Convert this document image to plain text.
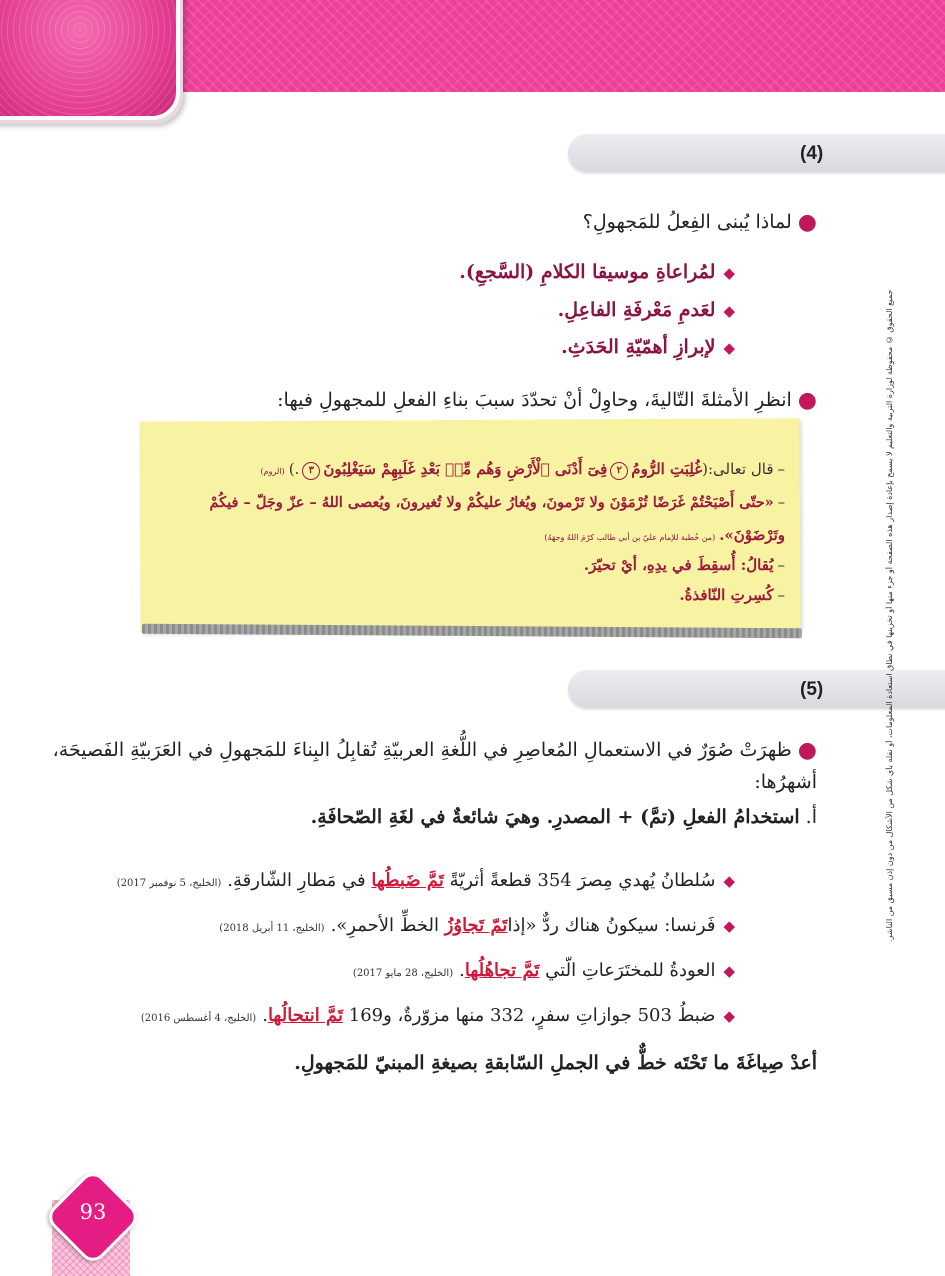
(4)
●لماذا يُبنى الفِعلُ للمَجهولِ؟
◆لمُراعاةِ موسيقا الكلامِ (السَّجعِ).
◆لعَدمِ مَعْرفَةِ الفاعِلِ.
◆لإبرازِ أهمّيّةِ الحَدَثِ.
●انظرِ الأمثلةَ التّاليةَ، وحاوِلْ أنْ تحدّدَ سببَ بناءِ الفعلِ للمجهولِ فيها:
–قال تعالى:(غُلِبَتِ الرُّومُ٢فِىٓ أَدْنَى ٱلْأَرْضِ وَهُم مِّنۢ بَعْدِ غَلَبِهِمْ سَيَغْلِبُونَ٣.)(الروم)
–«حتّى أَصْبَحْتُمْ غَرَضًا تُرْمَوْنَ ولا تَرْمونَ، ويُغارُ عليكُمْ ولا تُغيرونَ، ويُعصى اللهُ – عزّ وجَلّ – فيكُمْ
وتَرْضَوْنَ».(من خُطبة للإمام عليّ بن أبي طالب كرّمَ اللهُ وجهَهُ)
–يُقالُ: أُسقِطَ في يدِهِ، أيْ تحيّرَ.
–كُسِرتِ النّافذةُ.
(5)
●ظهرَتْ صُوَرٌ في الاستعمالِ المُعاصِرِ في اللُّغةِ العربيّةِ تُقابِلُ البِناءَ للمَجهولِ في العَرَبيّةِ الفَصيحَة،
أشهرُها:
أ.استخدامُ الفعلِ (تمَّ) + المصدرِ. وهيَ شائعةٌ في لغَةِ الصّحافَةِ.
◆سُلطانُ يُهدي مِصرَ 354 قطعةً أثريّةً تَمَّ ضَبطُها في مَطارِ الشّارقةِ.(الخليج، 5 نوفمبر 2017)
◆فَرنسا: سيكونُ هناك ردٌّ «إذاتَمّ تَجاوُزُ الخطِّ الأحمرِ».(الخليج، 11 أبريل 2018)
◆العودةُ للمختَرَعاتِ الّتي تَمَّ تجاهُلُها.(الخليج، 28 مايو 2017)
◆ضبطُ 503 جوازاتِ سفرٍ، 332 منها مزوّرةٌ، و169 تَمَّ انتحالُها.(الخليج، 4 أغسطس 2016)
أعدْ صِياغَةَ ما تَحْتَه خطٌّ في الجملِ السّابقةِ بصيغةِ المبنيّ للمَجهولِ.
جميع الحقوق © محفوظة لوزارة التربية والتعليم لا يسمح بإعادة إصدار هذه الصفحة أو جزء منها أو تخزينها في نطاق استعادة المعلومات، أو نقله بأي شكل من الأشكال من دون إذن مسبق من الناشر.
93
